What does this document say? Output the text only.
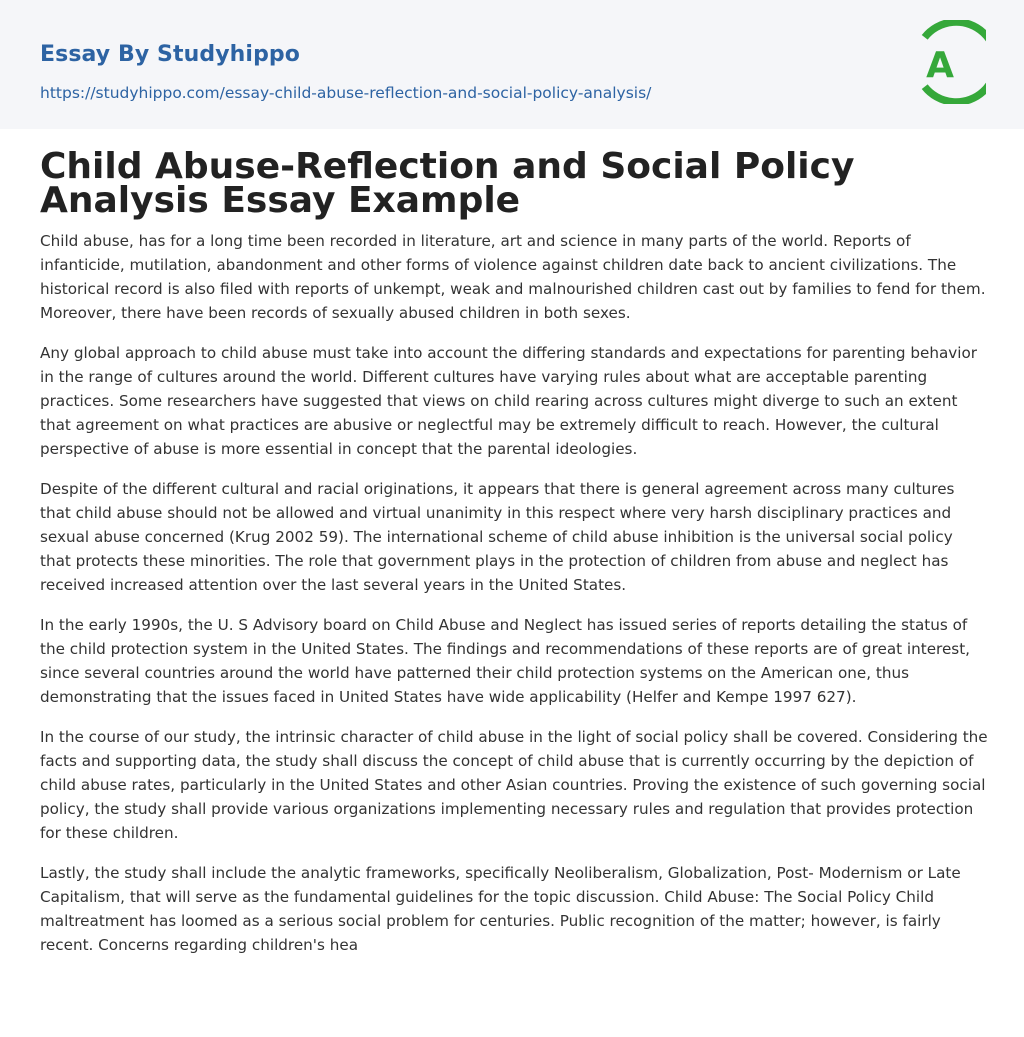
Essay By Studyhippo
https://studyhippo.com/essay-child-abuse-reflection-and-social-policy-analysis/
A
Child Abuse-Reflection and Social Policy Analysis Essay Example

Child abuse, has for a long time been recorded in literature, art and science in many parts of the world. Reports of infanticide, mutilation, abandonment and other forms of violence against children date back to ancient civilizations. The historical record is also filed with reports of unkempt, weak and malnourished children cast out by families to fend for them. Moreover, there have been records of sexually abused children in both sexes.

Any global approach to child abuse must take into account the differing standards and expectations for parenting behavior in the range of cultures around the world. Different cultures have varying rules about what are acceptable parenting practices. Some researchers have suggested that views on child rearing across cultures might diverge to such an extent that agreement on what practices are abusive or neglectful may be extremely difficult to reach. However, the cultural perspective of abuse is more essential in concept that the parental ideologies.

Despite of the different cultural and racial originations, it appears that there is general agreement across many cultures that child abuse should not be allowed and virtual unanimity in this respect where very harsh disciplinary practices and sexual abuse concerned (Krug 2002 59). The international scheme of child abuse inhibition is the universal social policy that protects these minorities. The role that government plays in the protection of children from abuse and neglect has received increased attention over the last several years in the United States.

In the early 1990s, the U. S Advisory board on Child Abuse and Neglect has issued series of reports detailing the status of the child protection system in the United States. The findings and recommendations of these reports are of great interest, since several countries around the world have patterned their child protection systems on the American one, thus demonstrating that the issues faced in United States have wide applicability (Helfer and Kempe 1997 627).

In the course of our study, the intrinsic character of child abuse in the light of social policy shall be covered. Considering the facts and supporting data, the study shall discuss the concept of child abuse that is currently occurring by the depiction of child abuse rates, particularly in the United States and other Asian countries. Proving the existence of such governing social policy, the study shall provide various organizations implementing necessary rules and regulation that provides protection for these children.

Lastly, the study shall include the analytic frameworks, specifically Neoliberalism, Globalization, Post- Modernism or Late Capitalism, that will serve as the fundamental guidelines for the topic discussion. Child Abuse: The Social Policy Child maltreatment has loomed as a serious social problem for centuries. Public recognition of the matter; however, is fairly recent. Concerns regarding children's hea
